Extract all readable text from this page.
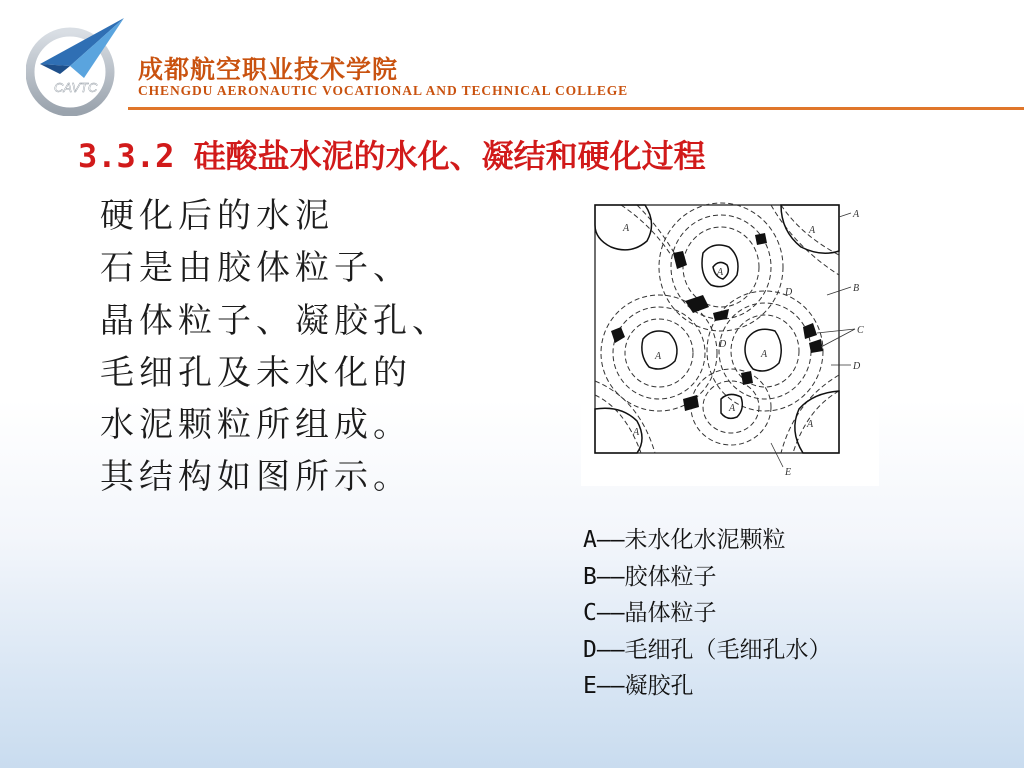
CAVTC

成都航空职业技术学院

CHENGDU AERONAUTIC VOCATIONAL AND TECHNICAL COLLEGE

3.3.2 硅酸盐水泥的水化、凝结和硬化过程

硬化后的水泥
石是由胶体粒子、
晶体粒子、凝胶孔、
毛细孔及未水化的
水泥颗粒所组成。
其结构如图所示。

A	A
A
A	A
A
A
A
D
D
A
B
C
D
E
A——未水化水泥颗粒
B——胶体粒子
C——晶体粒子
D——毛细孔（毛细孔水）
E——凝胶孔
